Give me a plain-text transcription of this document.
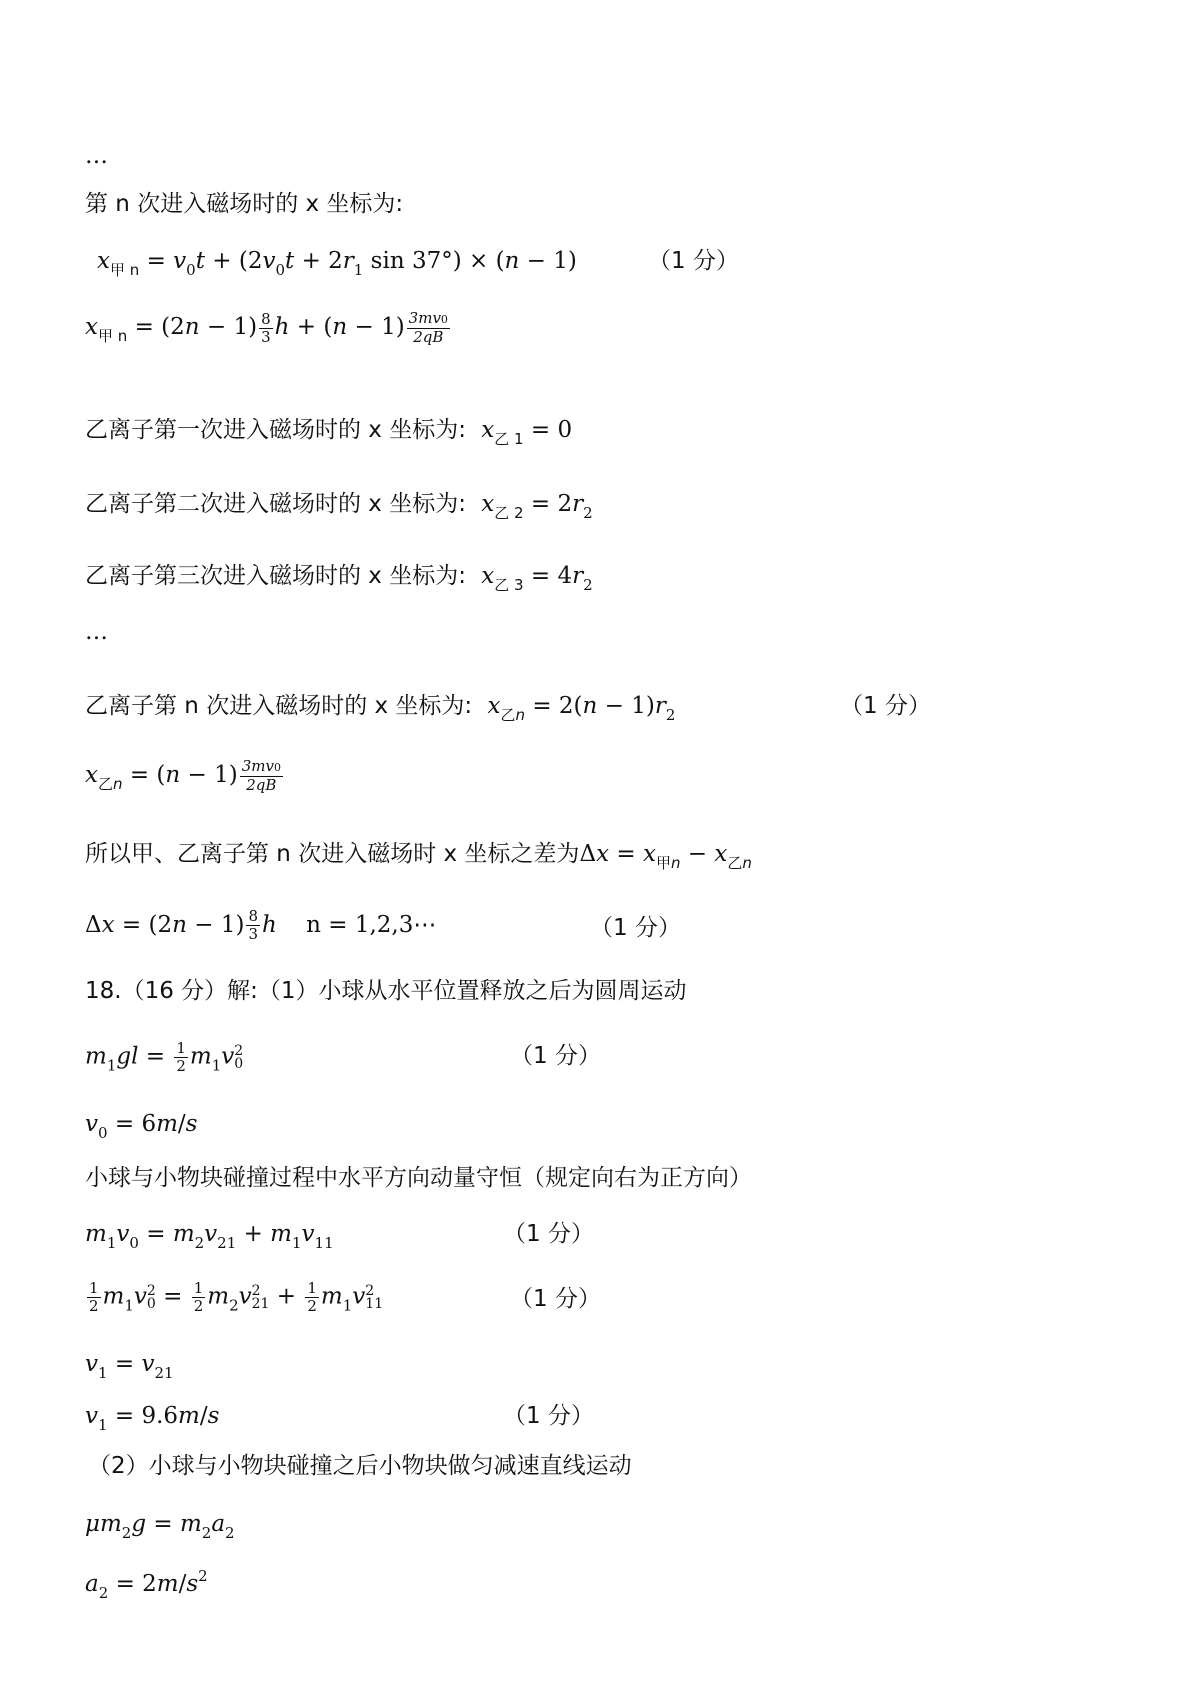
…
第 n 次进入磁场时的 x 坐标为:
$x_{甲 n} = v_0t + (2v_0t + 2r_1$ sin 37°) × (n − 1)	（1 分）
$x_{甲 n} = (2n - 1) \frac{8}{3}$ $h + (n - 1) \frac{3mv0}{2qB}$
乙离子第一次进入磁场时的 x 坐标为: $x_{乙 1} = 0$
乙离子第二次进入磁场时的 x 坐标为: $x_{乙 2} = 2r_2$
乙离子第三次进入磁场时的 x 坐标为: $x_{乙 3} = 4r_2$
…
乙离子第 n 次进入磁场时的 x 坐标为: $x_{乙n} = 2(n - 1)r_2$	（1 分）
$x_{乙n} = (n - 1) \frac{3mv0}{2qB}$
所以甲、乙离子第 n 次进入磁场时 x 坐标之差为$\Delta x = x_{甲n} - x_{乙n}$
$\Delta x = (2n - 1) \frac{8}{3}$ h n = 1,2,3⋯	（1 分）
18.（16 分）解:（1）小球从水平位置释放之后为圆周运动
$m_1gl = \frac{1}{2} m_1v$ 2
0	（1 分）
$v_0 = 6m/s$
小球与小物块碰撞过程中水平方向动量守恒（规定向右为正方向）
$m_1v_0 = m_2v_{21} + m_1v_{11}$	（1 分）
$\frac{1}{2} m_1v$ 2
$0 = \frac{1}{2} m_2v$ 2
$21 + \frac{1}{2} m_1v$ 2
11	（1 分）
$v_1 = v_{21}$
$v_1 = 9.6m/s$	（1 分）
（2）小球与小物块碰撞之后小物块做匀减速直线运动
$\mu m_2g = m_2a_2$
$a_2 = 2m/s^2$
